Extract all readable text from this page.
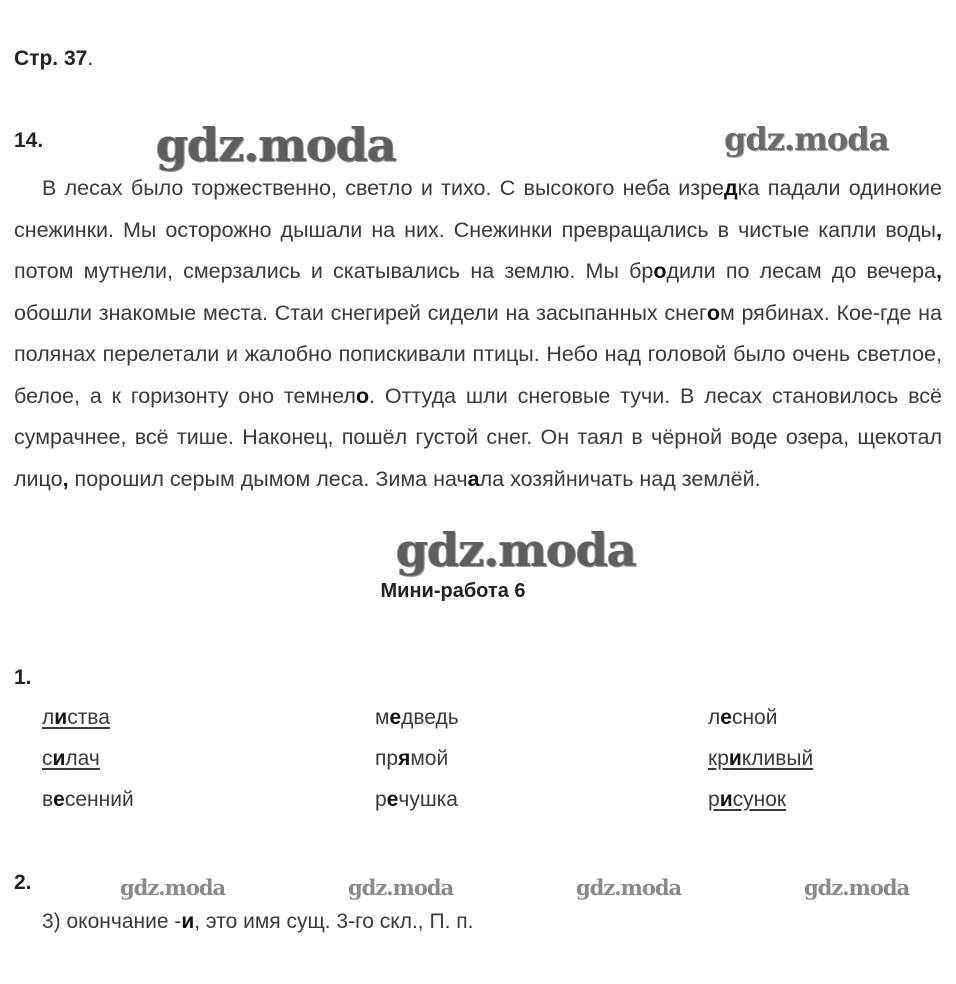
Стр. 37.
14. gdz.moda	gdz.moda
В лесах было торжественно, светло и тихо. С высокого неба изредка падали одинокие снежинки. Мы осторожно дышали на них. Снежинки превращались в чистые капли воды, потом мутнели, смерзались и скатывались на землю. Мы бродили по лесам до вечера, обошли знакомые места. Стаи снегирей сидели на засыпанных снегом рябинах. Кое-где на полянах перелетали и жалобно попискивали птицы. Небо над головой было очень светлое, белое, а к горизонту оно темнело. Оттуда шли снеговые тучи. В лесах становилось всё сумрачнее, всё тише. Наконец, пошёл густой снег. Он таял в чёрной воде озера, щекотал лицо, порошил серым дымом леса. Зима начала хозяйничать над землёй.
gdz.moda
Мини-работа 6
1.
листва	медведь	лесной
силач	прямой	крикливый
весенний	речушка	рисунок
2.	gdz.moda	gdz.moda	gdz.moda	gdz.moda
3) окончание -и, это имя сущ. 3-го скл., П. п.
